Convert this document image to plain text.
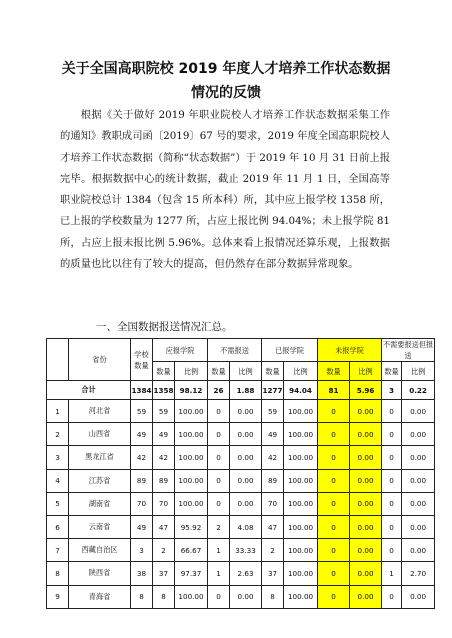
关于全国高职院校 2019 年度人才培养工作状态数据
情况的反馈

根据《关于做好 2019 年职业院校人才培养工作状态数据采集工作的通知》教职成司函〔2019〕67 号的要求，2019 年度全国高职院校人才培养工作状态数据（简称“状态数据”）于 2019 年 10 月 31 日前上报完毕。根据数据中心的统计数据，截止 2019 年 11 月 1 日，全国高等职业院校总计 1384（包含 15 所本科）所，其中应上报学校 1358 所，已上报的学校数量为 1277 所，占应上报比例 94.04%；未上报学院 81 所，占应上报未报比例 5.96%。总体来看上报情况还算乐观，上报数据的质量也比以往有了较大的提高，但仍然存在部分数据异常现象。

一、全国数据报送情况汇总。
	省份	学校数量	应报学院		不需报送		已报学院		未报学院		不需要报送但报送	
			数量	比例	数量	比例	数量	比例	数量	比例	数量	比例
合计		1384	1358	98.12	26	1.88	1277	94.04	81	5.96	3	0.22
1	河北省	59	59	100.00	0	0.00	59	100.00	0	0.00	0	0.00
2	山西省	49	49	100.00	0	0.00	49	100.00	0	0.00	0	0.00
3	黑龙江省	42	42	100.00	0	0.00	42	100.00	0	0.00	0	0.00
4	江苏省	89	89	100.00	0	0.00	89	100.00	0	0.00	0	0.00
5	湖南省	70	70	100.00	0	0.00	70	100.00	0	0.00	0	0.00
6	云南省	49	47	95.92	2	4.08	47	100.00	0	0.00	0	0.00
7	西藏自治区	3	2	66.67	1	33.33	2	100.00	0	0.00	0	0.00
8	陕西省	38	37	97.37	1	2.63	37	100.00	0	0.00	1	2.70
9	青海省	8	8	100.00	0	0.00	8	100.00	0	0.00	0	0.00
